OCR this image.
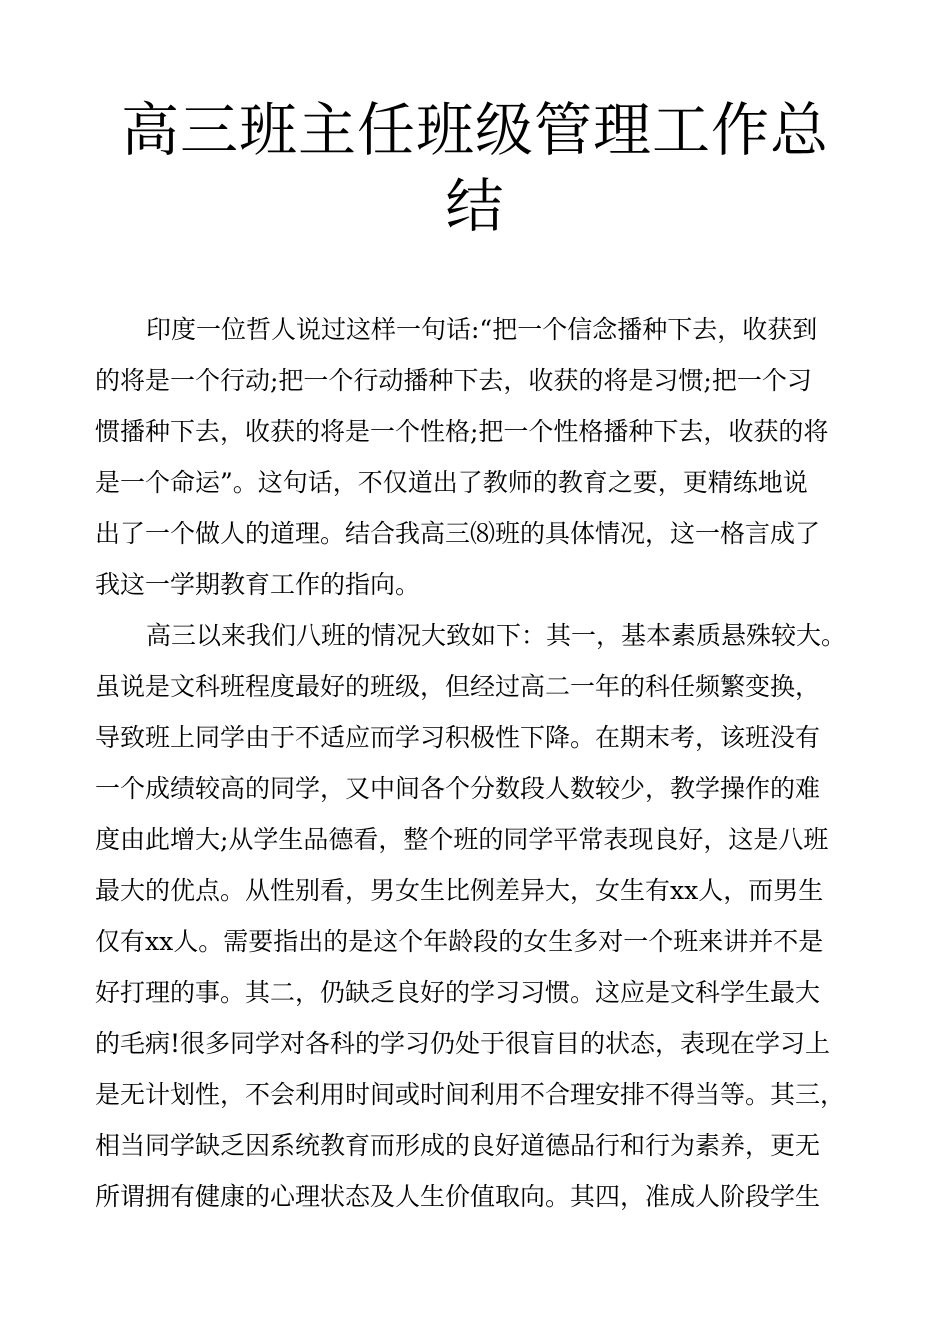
高三班主任班级管理工作总
结
印度一位哲人说过这样一句话:“把一个信念播种下去，收获到
的将是一个行动;把一个行动播种下去，收获的将是习惯;把一个习
惯播种下去，收获的将是一个性格;把一个性格播种下去，收获的将
是一个命运”。这句话，不仅道出了教师的教育之要，更精练地说
出了一个做人的道理。结合我高三⑻班的具体情况，这一格言成了
我这一学期教育工作的指向。
高三以来我们八班的情况大致如下：其一，基本素质悬殊较大。
虽说是文科班程度最好的班级，但经过高二一年的科任频繁变换，
导致班上同学由于不适应而学习积极性下降。在期末考，该班没有
一个成绩较高的同学，又中间各个分数段人数较少，教学操作的难
度由此增大;从学生品德看，整个班的同学平常表现良好，这是八班
最大的优点。从性别看，男女生比例差异大，女生有xx人，而男生
仅有xx人。需要指出的是这个年龄段的女生多对一个班来讲并不是
好打理的事。其二，仍缺乏良好的学习习惯。这应是文科学生最大
的毛病!很多同学对各科的学习仍处于很盲目的状态，表现在学习上
是无计划性，不会利用时间或时间利用不合理安排不得当等。其三，
相当同学缺乏因系统教育而形成的良好道德品行和行为素养，更无
所谓拥有健康的心理状态及人生价值取向。其四，准成人阶段学生
